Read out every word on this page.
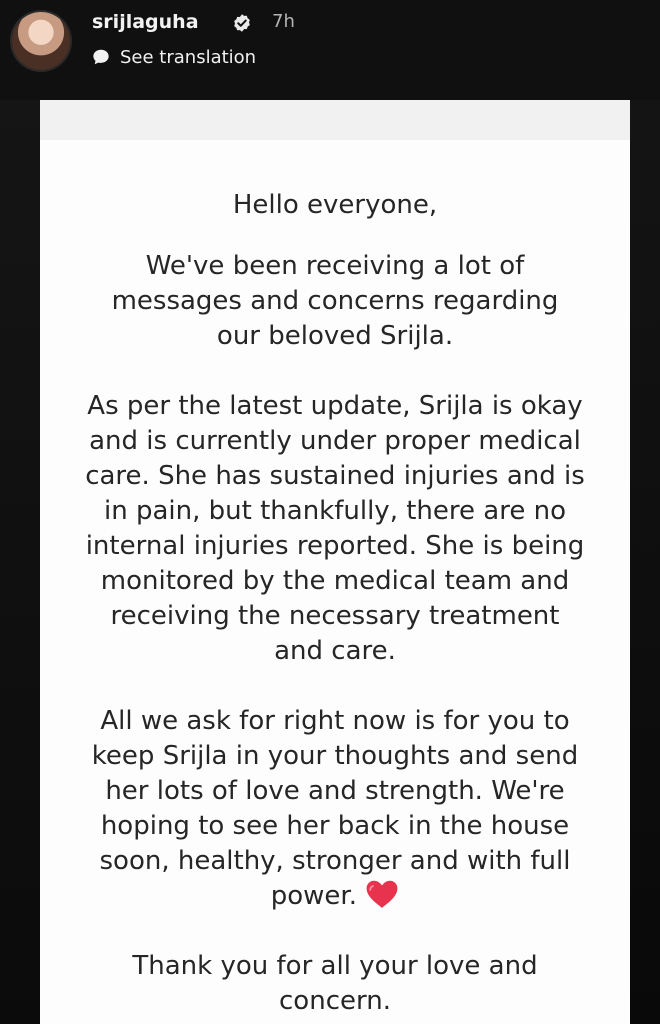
srijlaguha	7h
See translation

Hello everyone,

We've been receiving a lot of

messages and concerns regarding

our beloved Srijla.

As per the latest update, Srijla is okay

and is currently under proper medical

care. She has sustained injuries and is

in pain, but thankfully, there are no

internal injuries reported. She is being

monitored by the medical team and

receiving the necessary treatment

and care.

All we ask for right now is for you to

keep Srijla in your thoughts and send

her lots of love and strength. We're

hoping to see her back in the house

soon, healthy, stronger and with full

power.

Thank you for all your love and

concern.
